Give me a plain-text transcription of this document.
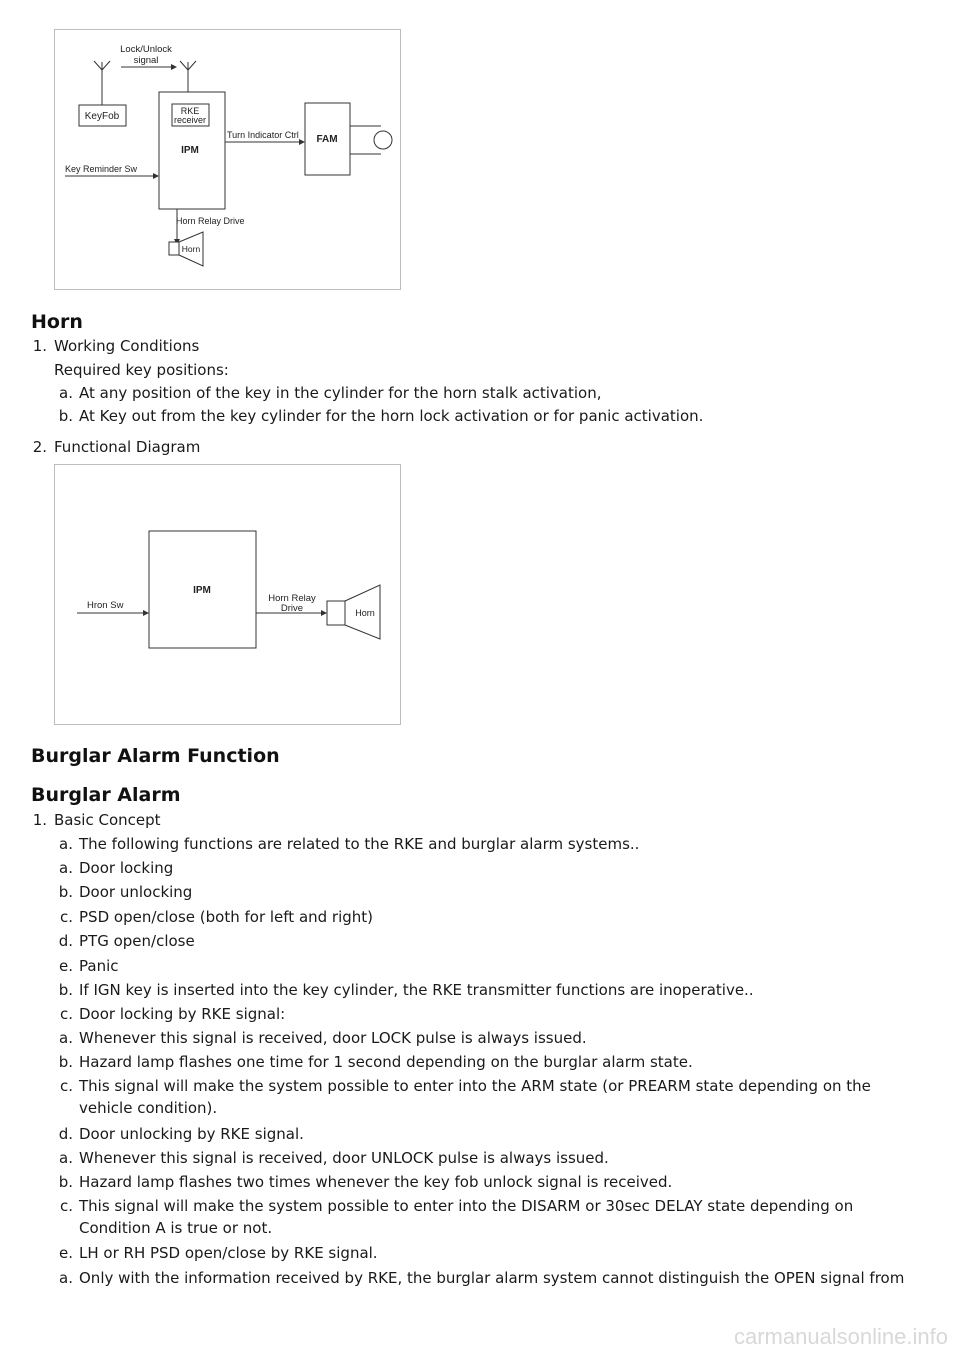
KeyFob
Lock/Unlock
signal
RKE
receiver
IPM
Turn Indicator Ctrl FAM
Key Reminder Sw
Horn Relay Drive
Horn
Horn
1. Working Conditions
Required key positions:
a. At any position of the key in the cylinder for the horn stalk activation,
b. At Key out from the key cylinder for the horn lock activation or for panic activation.
2. Functional Diagram
IPM
Hron Sw
Horn Relay
Drive	Horn
Burglar Alarm Function
Burglar Alarm
1. Basic Concept
a. The following functions are related to the RKE and burglar alarm systems..
a. Door locking
b. Door unlocking
c. PSD open/close (both for left and right)
d. PTG open/close
e. Panic
b. If IGN key is inserted into the key cylinder, the RKE transmitter functions are inoperative..
c. Door locking by RKE signal:
a. Whenever this signal is received, door LOCK pulse is always issued.
b. Hazard lamp flashes one time for 1 second depending on the burglar alarm state.
c. This signal will make the system possible to enter into the ARM state (or PREARM state depending on the
vehicle condition).
d. Door unlocking by RKE signal.
a. Whenever this signal is received, door UNLOCK pulse is always issued.
b. Hazard lamp flashes two times whenever the key fob unlock signal is received.
c. This signal will make the system possible to enter into the DISARM or 30sec DELAY state depending on
Condition A is true or not.
e. LH or RH PSD open/close by RKE signal.
a. Only with the information received by RKE, the burglar alarm system cannot distinguish the OPEN signal from
carmanualsonline.info
